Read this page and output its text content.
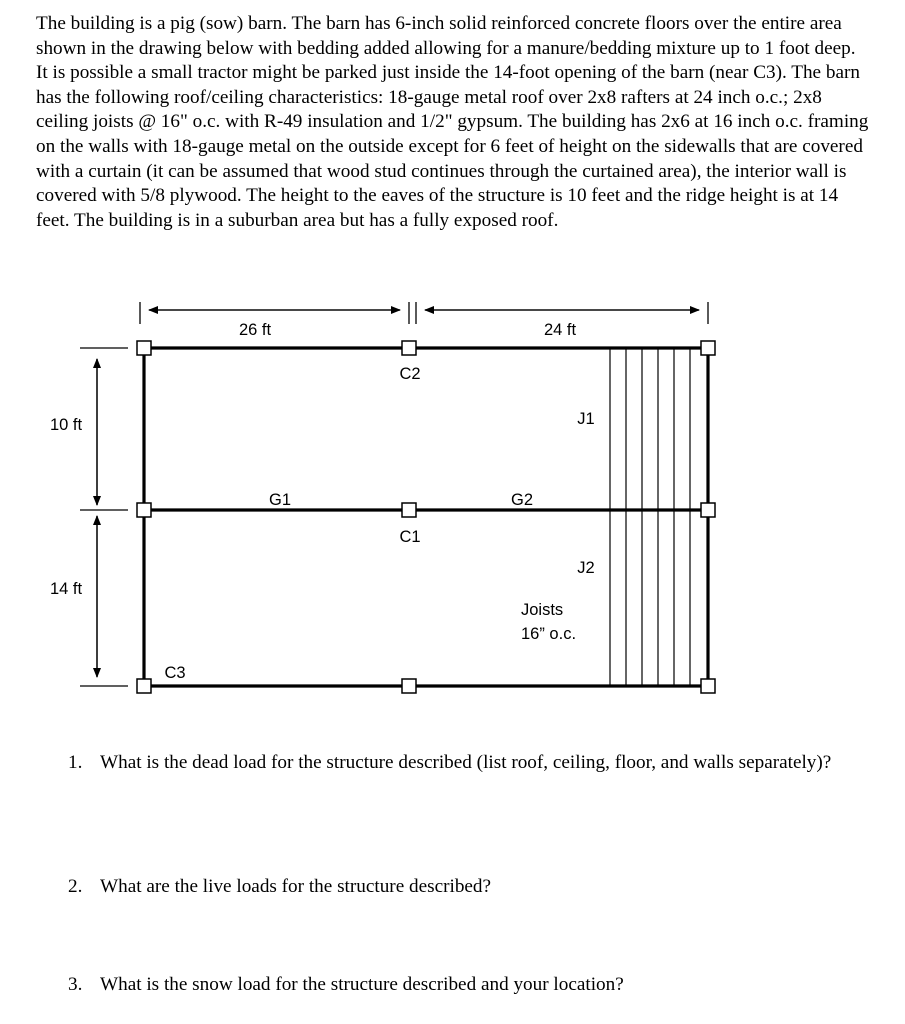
The building is a pig (sow) barn. The barn has 6-inch solid reinforced concrete floors over the entire area shown in the drawing below with bedding added allowing for a manure/bedding mixture up to 1 foot deep. It is possible a small tractor might be parked just inside the 14-foot opening of the barn (near C3). The barn has the following roof/ceiling characteristics: 18-gauge metal roof over 2x8 rafters at 24 inch o.c.; 2x8 ceiling joists @ 16" o.c. with R-49 insulation and 1/2" gypsum. The building has 2x6 at 16 inch o.c. framing on the walls with 18-gauge metal on the outside except for 6 feet of height on the sidewalls that are covered with a curtain (it can be assumed that wood stud continues through the curtained area), the interior wall is covered with 5/8 plywood. The height to the eaves of the structure is 10 feet and the ridge height is at 14 feet. The building is in a suburban area but has a fully exposed roof.

26 ft	24 ft
10 ft
14 ft
C2
C1
C3
G1	G2
J1
J2
Joists
16” o.c.

1. What is the dead load for the structure described (list roof, ceiling, floor, and walls separately)?

2. What are the live loads for the structure described?

3. What is the snow load for the structure described and your location?
